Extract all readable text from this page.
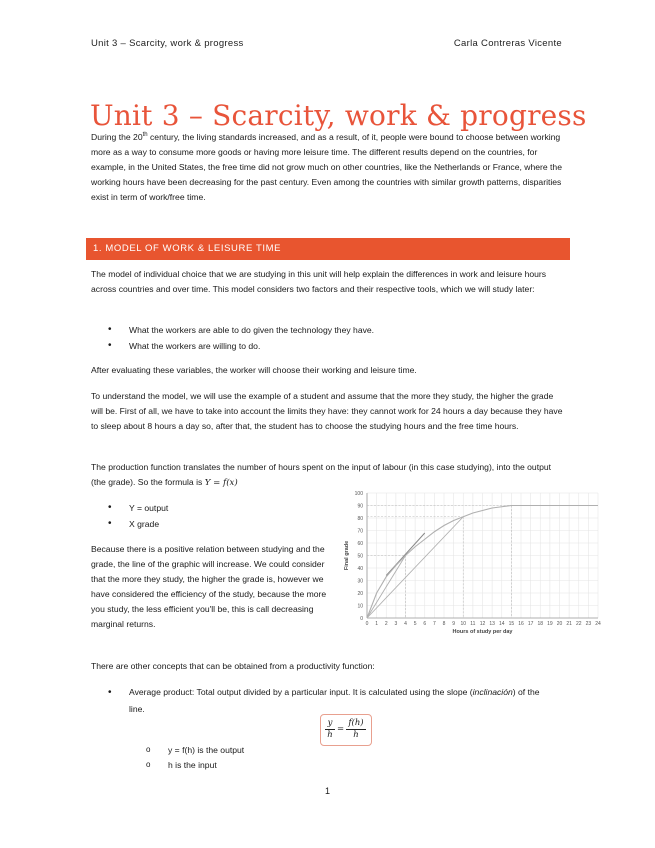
Unit 3 – Scarcity, work & progress	Carla Contreras Vicente
Unit 3 – Scarcity, work & progress

During the 20th century, the living standards increased, and as a result, of it, people were bound to choose between working more as a way to consume more goods or having more leisure time. The different results depend on the countries, for example, in the United States, the free time did not grow much on other countries, like the Netherlands or France, where the working hours have been decreasing for the past century. Even among the countries with similar growth patterns, disparities exist in term of work/free time.

1. MODEL OF WORK & LEISURE TIME

The model of individual choice that we are studying in this unit will help explain the differences in work and leisure hours across countries and over time. This model considers two factors and their respective tools, which we will study later:

• What the workers are able to do given the technology they have.
• What the workers are willing to do.

After evaluating these variables, the worker will choose their working and leisure time.

To understand the model, we will use the example of a student and assume that the more they study, the higher the grade will be. First of all, we have to take into account the limits they have: they cannot work for 24 hours a day because they have to sleep about 8 hours a day so, after that, the student has to choose the studying hours and the free time hours.

The production function translates the number of hours spent on the input of labour (in this case studying), into the output (the grade). So the formula is Y = f(x)

• Y = output
• X grade

Because there is a positive relation between studying and the grade, the line of the graphic will increase. We could consider that the more they study, the higher the grade is, however we have considered the efficiency of the study, because the more you study, the less efficient you'll be, this is call decreasing marginal returns.

0
10
20
30
40
50
60
70
80
90
100
0 1 2 3 4 5 6 7 8 9 10 11 12 13 14 15 16 17 18 19 20 21 22 23 24
Hours of study per day
Final grade

There are other concepts that can be obtained from a productivity function:

• Average product: Total output divided by a particular input. It is calculated using the slope (inclinación) of the line.
$\frac{y}{h} = \frac{f(h)}{h}$
o y = f(h) is the output
o h is the input
1
